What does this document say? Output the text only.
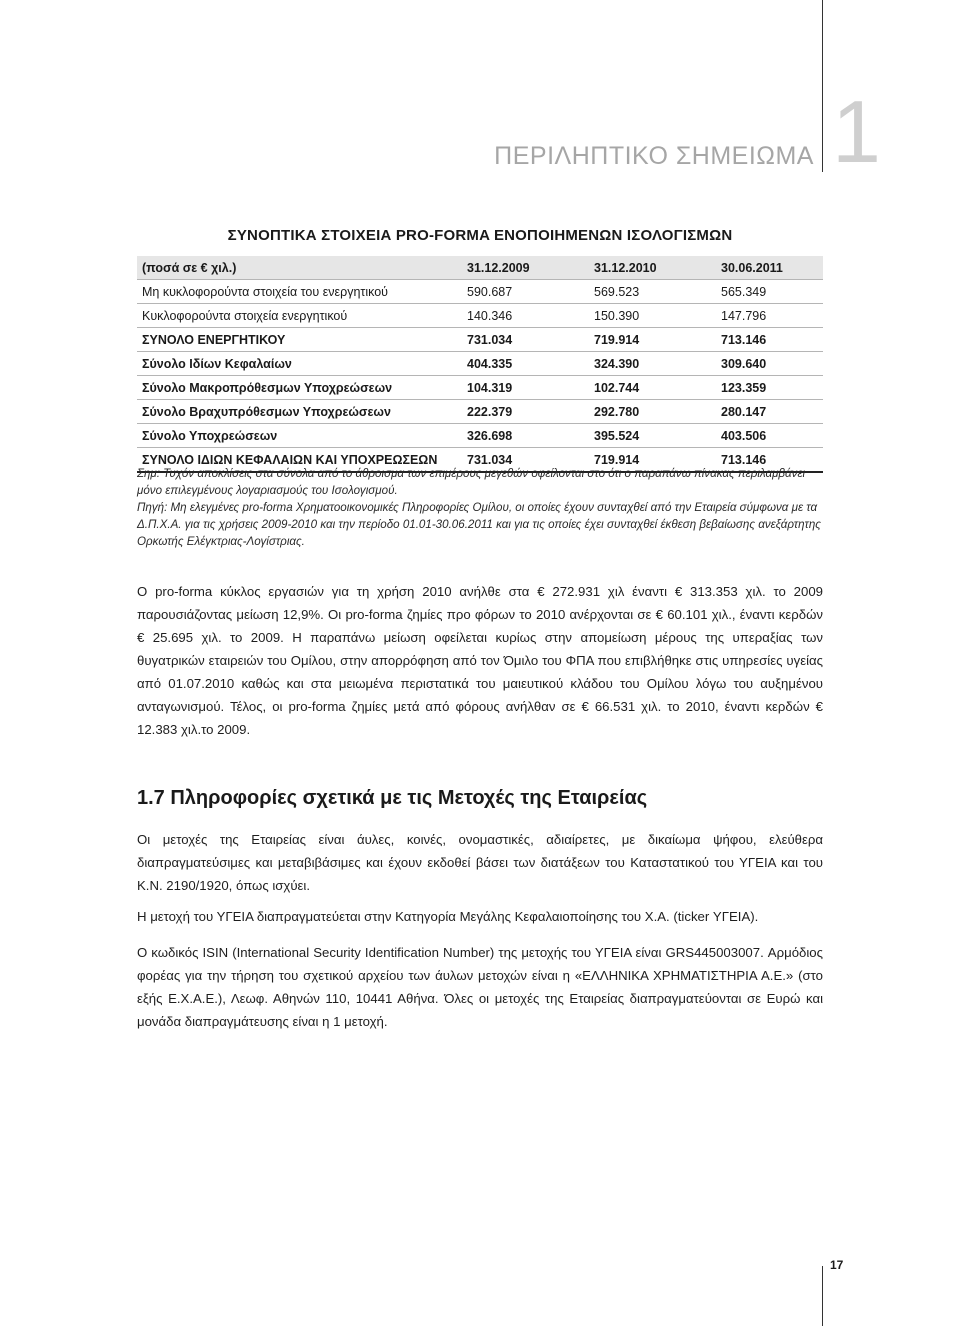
1
ΠΕΡΙΛΗΠΤΙΚΟ ΣΗΜΕΙΩΜΑ
ΣΥΝΟΠΤΙΚΑ ΣΤΟΙΧΕΙΑ PRO-FORMA ΕΝΟΠΟΙΗΜΕΝΩΝ ΙΣΟΛΟΓΙΣΜΩΝ
(ποσά σε € χιλ.)	31.12.2009	31.12.2010	30.06.2011
Μη κυκλοφορούντα στοιχεία του ενεργητικού	590.687	569.523	565.349
Κυκλοφορούντα στοιχεία ενεργητικού	140.346	150.390	147.796
ΣΥΝΟΛΟ ΕΝΕΡΓΗΤΙΚΟΥ	731.034	719.914	713.146
Σύνολο Ιδίων Κεφαλαίων	404.335	324.390	309.640
Σύνολο Μακροπρόθεσμων Υποχρεώσεων	104.319	102.744	123.359
Σύνολο Βραχυπρόθεσμων Υποχρεώσεων	222.379	292.780	280.147
Σύνολο Υποχρεώσεων	326.698	395.524	403.506
ΣΥΝΟΛΟ ΙΔΙΩΝ ΚΕΦΑΛΑΙΩΝ ΚΑΙ ΥΠΟΧΡΕΩΣΕΩΝ	731.034	719.914	713.146

Σημ: Τυχόν αποκλίσεις στα σύνολα από το άθροισμα των επιμέρους μεγεθών οφείλονται στο ότι ο παραπάνω πίνακας περιλαμβάνει μόνο επιλεγμένους λογαριασμούς του Ισολογισμού.

Πηγή: Μη ελεγμένες pro-forma Χρηματοοικονομικές Πληροφορίες Ομίλου, οι οποίες έχουν συνταχθεί από την Εταιρεία σύμφωνα με τα Δ.Π.Χ.Α. για τις χρήσεις 2009-2010 και την περίοδο 01.01-30.06.2011 και για τις οποίες έχει συνταχθεί έκθεση βεβαίωσης ανεξάρτητης Ορκωτής Ελέγκτριας-Λογίστριας.

Ο pro-forma κύκλος εργασιών για τη χρήση 2010 ανήλθε στα € 272.931 χιλ έναντι € 313.353 χιλ. το 2009 παρουσιάζοντας μείωση 12,9%. Οι pro-forma ζημίες προ φόρων το 2010 ανέρχονται σε € 60.101 χιλ., έναντι κερδών € 25.695 χιλ. το 2009. Η παραπάνω μείωση οφείλεται κυρίως στην απομείωση μέρους της υπεραξίας των θυγατρικών εταιρειών του Ομίλου, στην απορρόφηση από τον Όμιλο του ΦΠΑ που επιβλήθηκε στις υπηρεσίες υγείας από 01.07.2010 καθώς και στα μειωμένα περιστατικά του μαιευτικού κλάδου του Ομίλου λόγω του αυξημένου ανταγωνισμού. Τέλος, οι pro-forma ζημίες μετά από φόρους ανήλθαν σε € 66.531 χιλ. το 2010, έναντι κερδών € 12.383 χιλ.το 2009.

1.7 Πληροφορίες σχετικά με τις Μετοχές της Εταιρείας

Οι μετοχές της Εταιρείας είναι άυλες, κοινές, ονομαστικές, αδιαίρετες, με δικαίωμα ψήφου, ελεύθερα διαπραγματεύσιμες και μεταβιβάσιμες και έχουν εκδοθεί βάσει των διατάξεων του Καταστατικού του ΥΓΕΙΑ και του Κ.Ν. 2190/1920, όπως ισχύει.

Η μετοχή του ΥΓΕΙΑ διαπραγματεύεται στην Κατηγορία Μεγάλης Κεφαλαιοποίησης του Χ.Α. (ticker ΥΓΕΙΑ).

Ο κωδικός ISIN (International Security Identification Number) της μετοχής του ΥΓΕΙΑ είναι GRS445003007. Αρμόδιος φορέας για την τήρηση του σχετικού αρχείου των άυλων μετοχών είναι η «ΕΛΛΗΝΙΚΑ ΧΡΗΜΑΤΙΣΤΗΡΙΑ Α.Ε.» (στο εξής Ε.Χ.Α.Ε.), Λεωφ. Αθηνών 110, 10441 Αθήνα. Όλες οι μετοχές της Εταιρείας διαπραγματεύονται σε Ευρώ και μονάδα διαπραγμάτευσης είναι η 1 μετοχή.

17
